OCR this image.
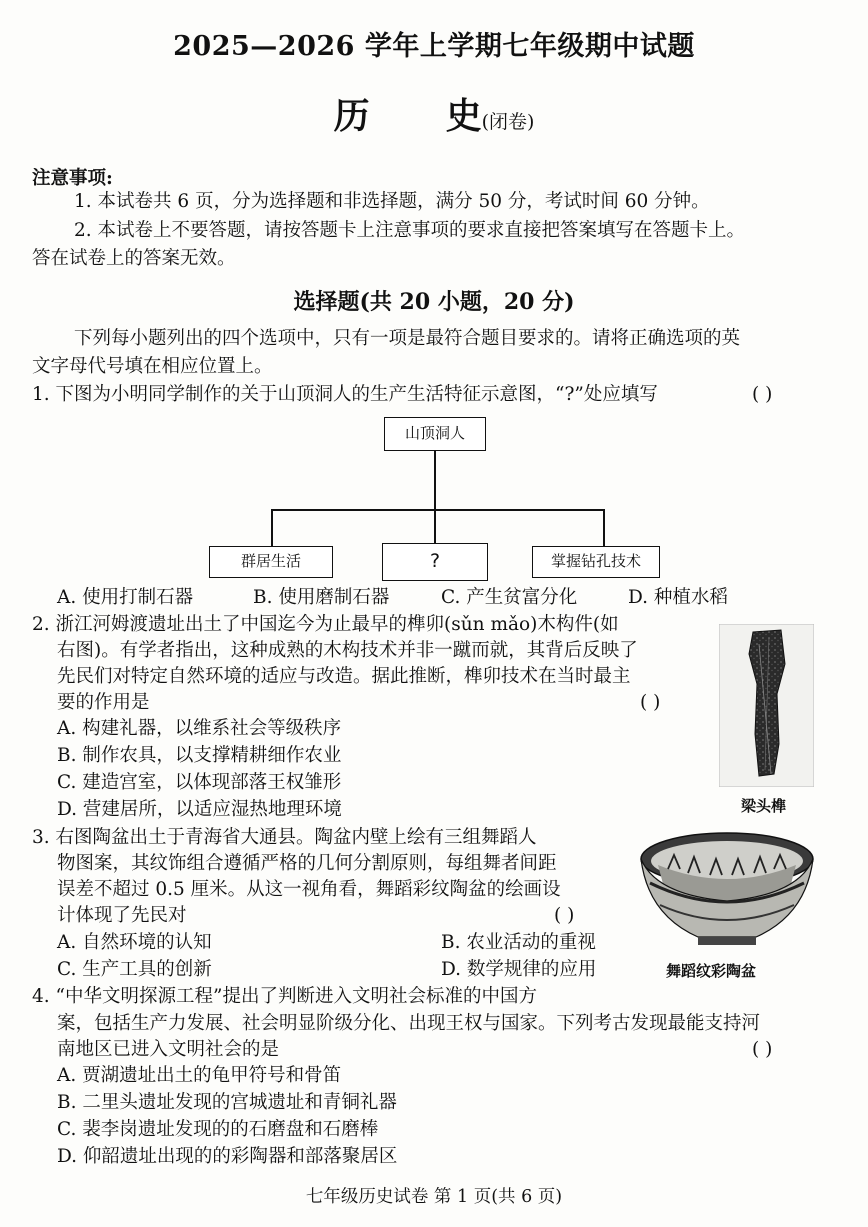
2025—2026 学年上学期七年级期中试题
历 史(闭卷)
注意事项:
1. 本试卷共 6 页，分为选择题和非选择题，满分 50 分，考试时间 60 分钟。
2. 本试卷上不要答题，请按答题卡上注意事项的要求直接把答案填写在答题卡上。
答在试卷上的答案无效。
选择题(共 20 小题，20 分)
下列每小题列出的四个选项中，只有一项是最符合题目要求的。请将正确选项的英
文字母代号填在相应位置上。
1. 下图为小明同学制作的关于山顶洞人的生产生活特征示意图，“?”处应填写	( )
山顶洞人
群居生活	?	掌握钻孔技术
A. 使用打制石器	B. 使用磨制石器	C. 产生贫富分化	D. 种植水稻
2. 浙江河姆渡遗址出土了中国迄今为止最早的榫卯(sǔn mǎo)木构件(如
右图)。有学者指出，这种成熟的木构技术并非一蹴而就，其背后反映了
先民们对特定自然环境的适应与改造。据此推断，榫卯技术在当时最主
要的作用是	( )
A. 构建礼器，以维系社会等级秩序
B. 制作农具，以支撑精耕细作农业
C. 建造宫室，以体现部落王权雏形
D. 营建居所，以适应湿热地理环境	梁头榫
3. 右图陶盆出土于青海省大通县。陶盆内壁上绘有三组舞蹈人
物图案，其纹饰组合遵循严格的几何分割原则，每组舞者间距
误差不超过 0.5 厘米。从这一视角看，舞蹈彩纹陶盆的绘画设
计体现了先民对	( )
A. 自然环境的认知	B. 农业活动的重视
C. 生产工具的创新	D. 数学规律的应用	舞蹈纹彩陶盆
4. “中华文明探源工程”提出了判断进入文明社会标准的中国方
案，包括生产力发展、社会明显阶级分化、出现王权与国家。下列考古发现最能支持河
南地区已进入文明社会的是	( )
A. 贾湖遗址出土的龟甲符号和骨笛
B. 二里头遗址发现的宫城遗址和青铜礼器
C. 裴李岗遗址发现的的石磨盘和石磨棒
D. 仰韶遗址出现的的彩陶器和部落聚居区
七年级历史试卷 第 1 页(共 6 页)
